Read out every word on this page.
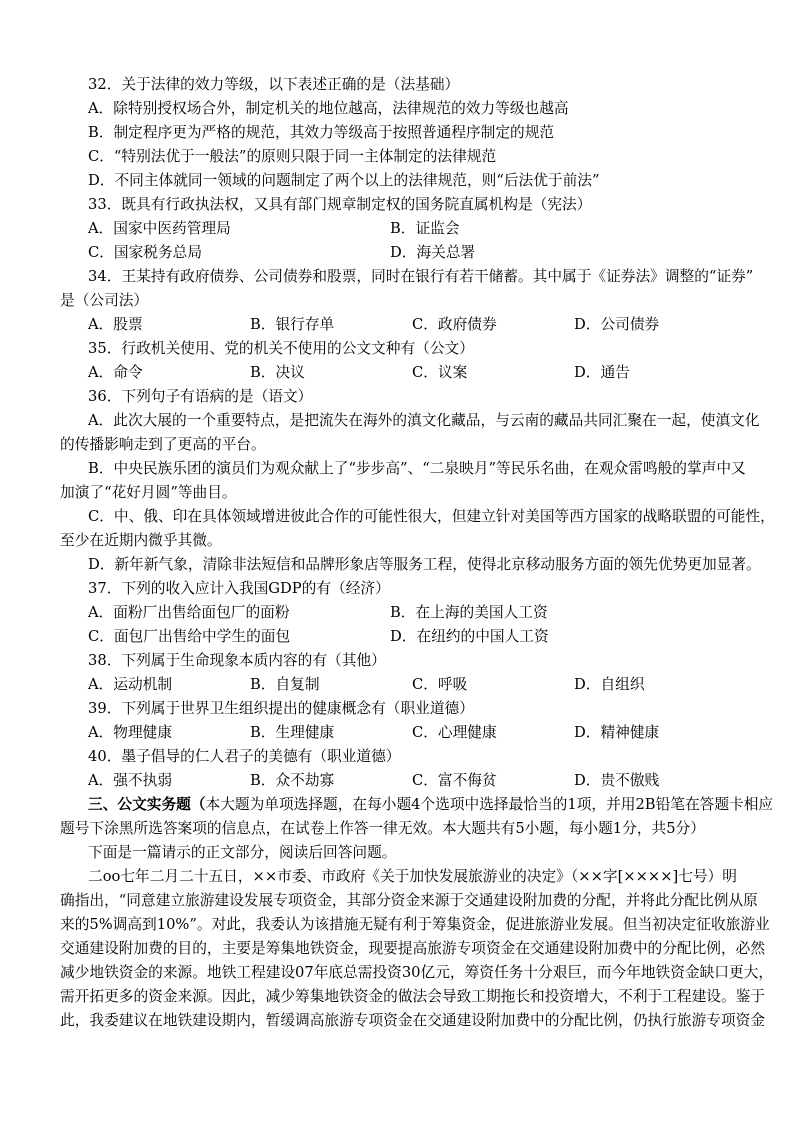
32．关于法律的效力等级，以下表述正确的是（法基础）
A．除特别授权场合外，制定机关的地位越高，法律规范的效力等级也越高
B．制定程序更为严格的规范，其效力等级高于按照普通程序制定的规范
C．“特别法优于一般法”的原则只限于同一主体制定的法律规范
D．不同主体就同一领域的问题制定了两个以上的法律规范，则“后法优于前法”
33．既具有行政执法权，又具有部门规章制定权的国务院直属机构是（宪法）
A．国家中医药管理局	B．证监会
C．国家税务总局	D．海关总署
34．王某持有政府债券、公司债券和股票，同时在银行有若干储蓄。其中属于《证券法》调整的“证券”
是（公司法）
A．股票	B．银行存单	C．政府债券	D．公司债券
35．行政机关使用、党的机关不使用的公文文种有（公文）
A．命令	B．决议	C．议案	D．通告
36．下列句子有语病的是（语文）
A．此次大展的一个重要特点，是把流失在海外的滇文化藏品，与云南的藏品共同汇聚在一起，使滇文化
的传播影响走到了更高的平台。
B．中央民族乐团的演员们为观众献上了“步步高”、“二泉映月”等民乐名曲，在观众雷鸣般的掌声中又
加演了“花好月圆”等曲目。
C．中、俄、印在具体领域增进彼此合作的可能性很大，但建立针对美国等西方国家的战略联盟的可能性，
至少在近期内微乎其微。
D．新年新气象，清除非法短信和品牌形象店等服务工程，使得北京移动服务方面的领先优势更加显著。
37．下列的收入应计入我国GDP的有（经济）
A．面粉厂出售给面包厂的面粉	B．在上海的美国人工资
C．面包厂出售给中学生的面包	D．在纽约的中国人工资
38．下列属于生命现象本质内容的有（其他）
A．运动机制	B．自复制	C．呼吸	D．自组织
39．下列属于世界卫生组织提出的健康概念有（职业道德）
A．物理健康	B．生理健康	C．心理健康	D．精神健康
40．墨子倡导的仁人君子的美德有（职业道德）
A．强不执弱	B．众不劫寡	C．富不侮贫	D．贵不傲贱
三、公文实务题（本大题为单项选择题，在每小题4个选项中选择最恰当的1项，并用2B铅笔在答题卡相应
题号下涂黑所选答案项的信息点，在试卷上作答一律无效。本大题共有5小题，每小题1分，共5分）
下面是一篇请示的正文部分，阅读后回答问题。
二oo七年二月二十五日，××市委、市政府《关于加快发展旅游业的决定》（××字[××××]七号）明
确指出，“同意建立旅游建设发展专项资金，其部分资金来源于交通建设附加费的分配，并将此分配比例从原
来的5%调高到10%”。对此，我委认为该措施无疑有利于筹集资金，促进旅游业发展。但当初决定征收旅游业
交通建设附加费的目的，主要是筹集地铁资金，现要提高旅游专项资金在交通建设附加费中的分配比例，必然
减少地铁资金的来源。地铁工程建设07年底总需投资30亿元，筹资任务十分艰巨，而今年地铁资金缺口更大，
需开拓更多的资金来源。因此，减少筹集地铁资金的做法会导致工期拖长和投资增大，不利于工程建设。鉴于
此，我委建议在地铁建设期内，暂缓调高旅游专项资金在交通建设附加费中的分配比例，仍执行旅游专项资金
